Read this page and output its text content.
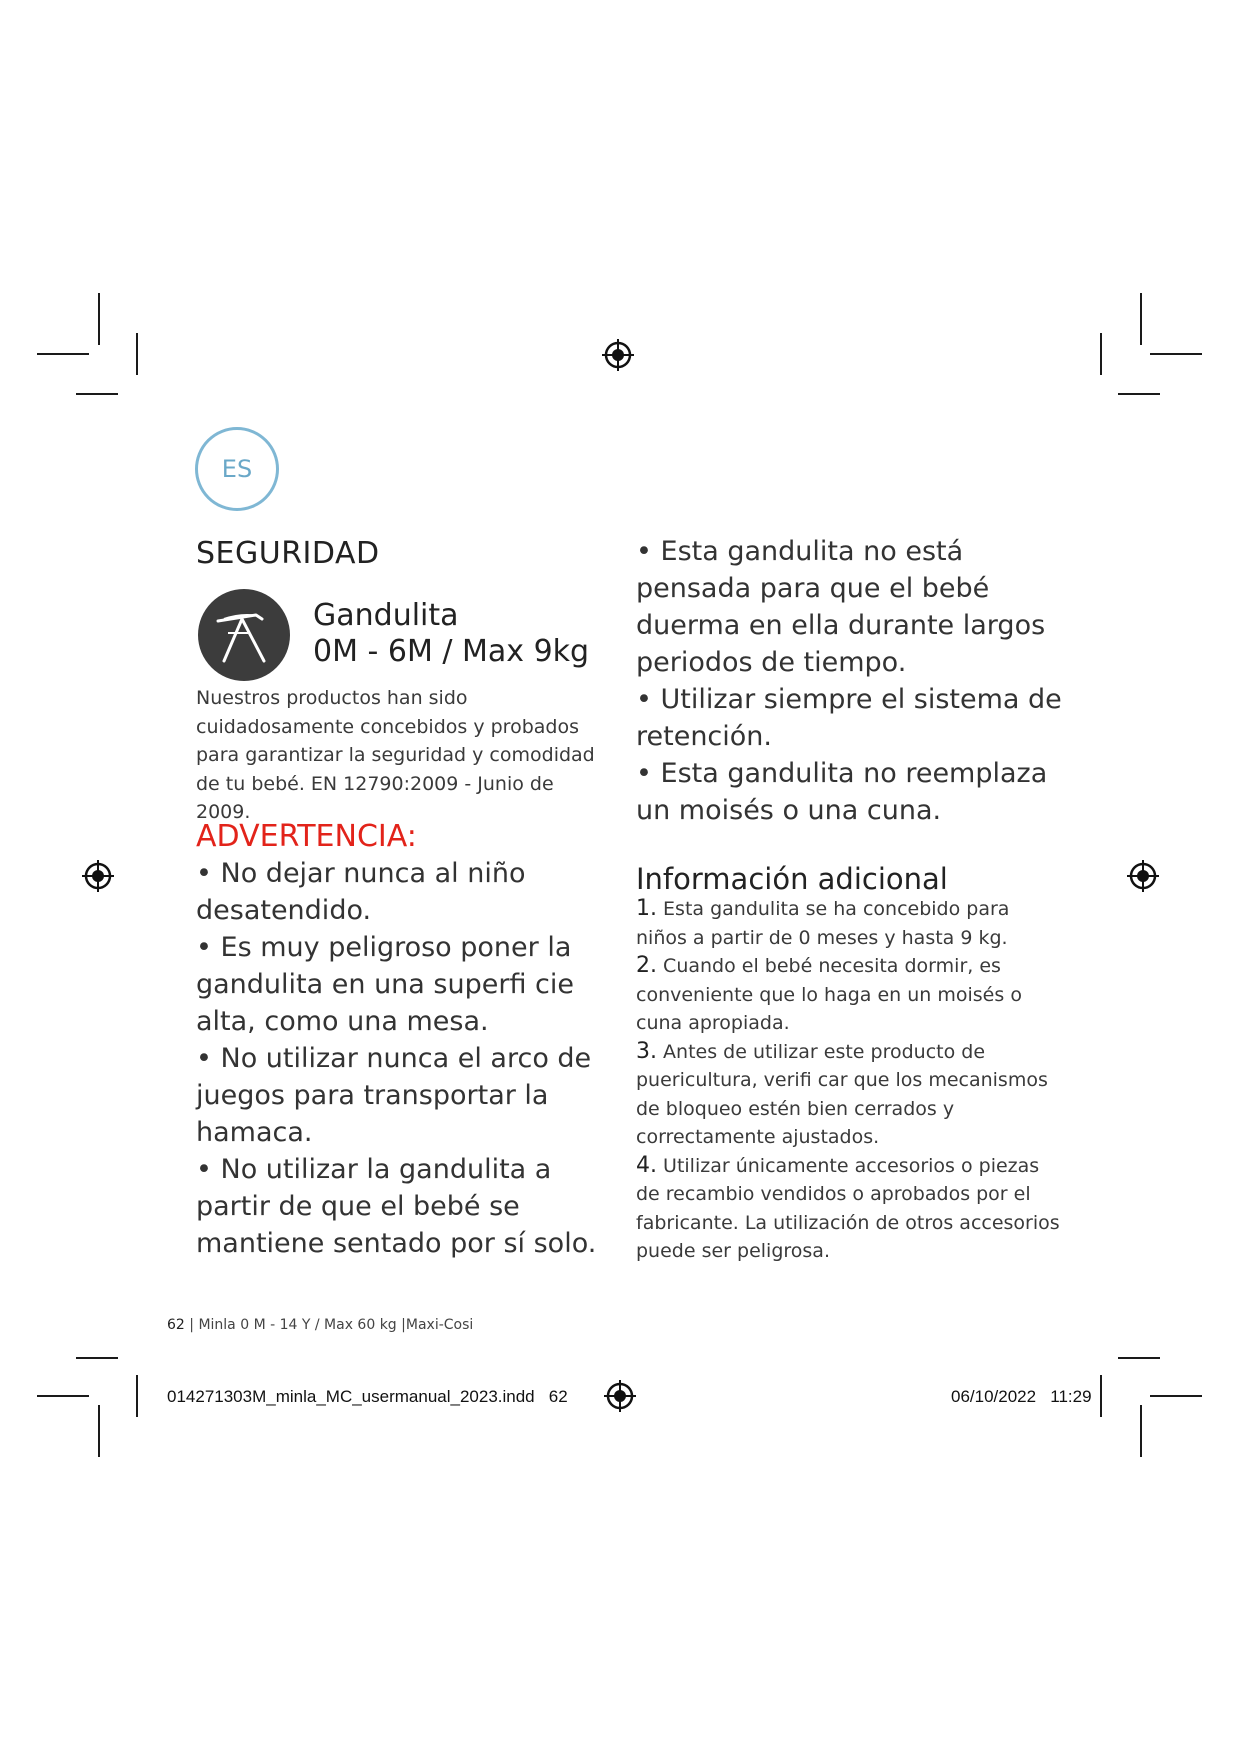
ES
SEGURIDAD
Gandulita
0M - 6M / Max 9kg
Nuestros productos han sido cuidadosamente concebidos y probados para garantizar la seguridad y comodidad de tu bebé. EN 12790:2009 - Junio de 2009.
ADVERTENCIA:

• No dejar nunca al niño desatendido.

• Es muy peligroso poner la gandulita en una superfi cie alta, como una mesa.

• No utilizar nunca el arco de juegos para transportar la hamaca.

• No utilizar la gandulita a partir de que el bebé se mantiene sentado por sí solo.

• Esta gandulita no está pensada para que el bebé duerma en ella durante largos periodos de tiempo.

• Utilizar siempre el sistema de retención.

• Esta gandulita no reemplaza un moisés o una cuna.

Información adicional

1. Esta gandulita se ha concebido para niños a partir de 0 meses y hasta 9 kg.

2. Cuando el bebé necesita dormir, es conveniente que lo haga en un moisés o cuna apropiada.

3. Antes de utilizar este producto de puericultura, verifi car que los mecanismos de bloqueo estén bien cerrados y correctamente ajustados.

4. Utilizar únicamente accesorios o piezas de recambio vendidos o aprobados por el fabricante. La utilización de otros accesorios puede ser peligrosa.

62 | Minla 0 M - 14 Y / Max 60 kg |Maxi-Cosi
014271303M_minla_MC_usermanual_2023.indd   62	06/10/2022   11:29
